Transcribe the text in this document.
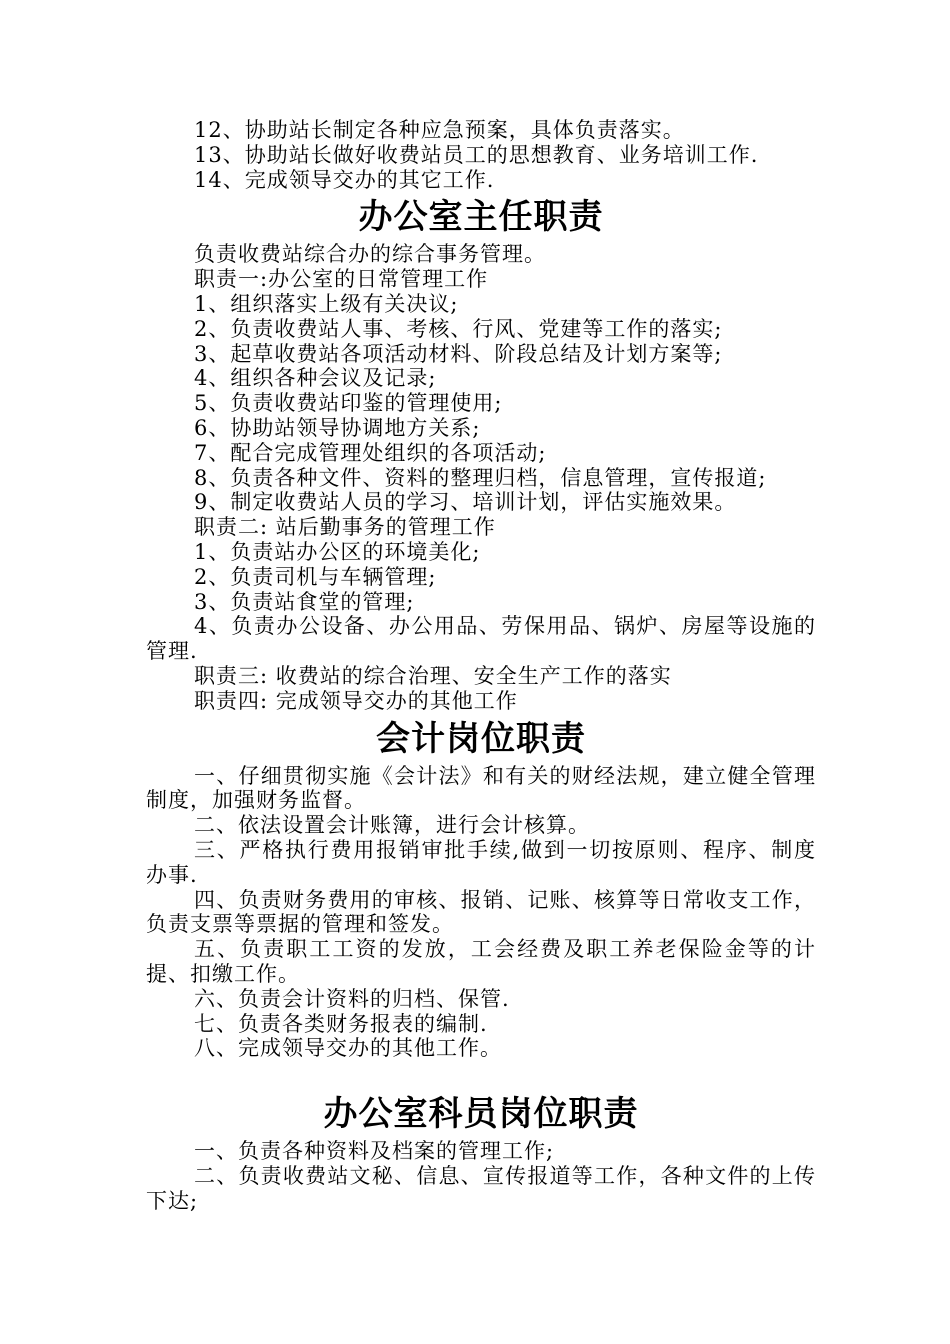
12、协助站长制定各种应急预案，具体负责落实。
13、协助站长做好收费站员工的思想教育、业务培训工作.
14、完成领导交办的其它工作.
办公室主任职责
负责收费站综合办的综合事务管理。
职责一:办公室的日常管理工作
1、组织落实上级有关决议;
2、负责收费站人事、考核、行风、党建等工作的落实;
3、起草收费站各项活动材料、阶段总结及计划方案等;
4、组织各种会议及记录;
5、负责收费站印鉴的管理使用;
6、协助站领导协调地方关系;
7、配合完成管理处组织的各项活动;
8、负责各种文件、资料的整理归档，信息管理，宣传报道;
9、制定收费站人员的学习、培训计划，评估实施效果。
职责二: 站后勤事务的管理工作
1、负责站办公区的环境美化;
2、负责司机与车辆管理;
3、负责站食堂的管理;
4、负责办公设备、办公用品、劳保用品、锅炉、房屋等设施的管理.
职责三: 收费站的综合治理、安全生产工作的落实
职责四: 完成领导交办的其他工作
会计岗位职责
一、仔细贯彻实施《会计法》和有关的财经法规，建立健全管理制度，加强财务监督。
二、依法设置会计账簿，进行会计核算。
三、严格执行费用报销审批手续,做到一切按原则、程序、制度办事.
四、负责财务费用的审核、报销、记账、核算等日常收支工作，负责支票等票据的管理和签发。
五、负责职工工资的发放，工会经费及职工养老保险金等的计提、扣缴工作。
六、负责会计资料的归档、保管.
七、负责各类财务报表的编制.
八、完成领导交办的其他工作。
办公室科员岗位职责
一、负责各种资料及档案的管理工作;
二、负责收费站文秘、信息、宣传报道等工作，各种文件的上传下达;
